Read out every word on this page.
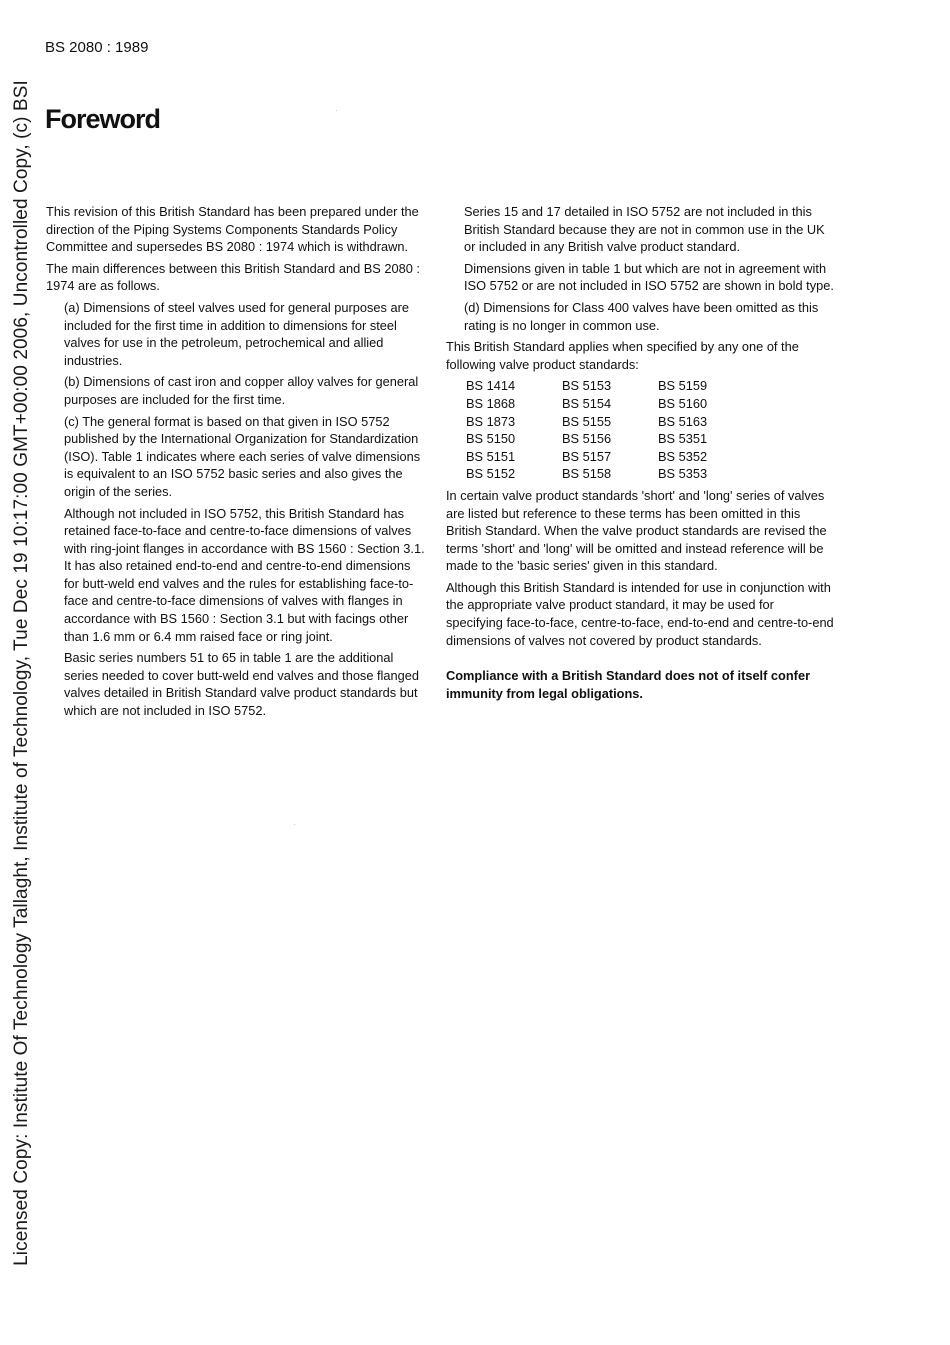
Licensed Copy: Institute Of Technology Tallaght, Institute of Technology, Tue Dec 19 10:17:00 GMT+00:00 2006, Uncontrolled Copy, (c) BSI
BS 2080 : 1989
Foreword

This revision of this British Standard has been prepared under the direction of the Piping Systems Components Standards Policy Committee and supersedes BS 2080 : 1974 which is withdrawn.

The main differences between this British Standard and BS 2080 : 1974 are as follows.

(a) Dimensions of steel valves used for general purposes are included for the first time in addition to dimensions for steel valves for use in the petroleum, petrochemical and allied industries.

(b) Dimensions of cast iron and copper alloy valves for general purposes are included for the first time.

(c) The general format is based on that given in ISO 5752 published by the International Organization for Standardization (ISO). Table 1 indicates where each series of valve dimensions is equivalent to an ISO 5752 basic series and also gives the origin of the series.

Although not included in ISO 5752, this British Standard has retained face-to-face and centre-to-face dimensions of valves with ring-joint flanges in accordance with BS 1560 : Section 3.1. It has also retained end-to-end and centre-to-end dimensions for butt-weld end valves and the rules for establishing face-to-face and centre-to-face dimensions of valves with flanges in accordance with BS 1560 : Section 3.1 but with facings other than 1.6 mm or 6.4 mm raised face or ring joint.

Basic series numbers 51 to 65 in table 1 are the additional series needed to cover butt-weld end valves and those flanged valves detailed in British Standard valve product standards but which are not included in ISO 5752.

Series 15 and 17 detailed in ISO 5752 are not included in this British Standard because they are not in common use in the UK or included in any British valve product standard.

Dimensions given in table 1 but which are not in agreement with ISO 5752 or are not included in ISO 5752 are shown in bold type.

(d) Dimensions for Class 400 valves have been omitted as this rating is no longer in common use.

This British Standard applies when specified by any one of the following valve product standards:

BS 1414	BS 5153	BS 5159
BS 1868	BS 5154	BS 5160
BS 1873	BS 5155	BS 5163
BS 5150	BS 5156	BS 5351
BS 5151	BS 5157	BS 5352
BS 5152	BS 5158	BS 5353

In certain valve product standards 'short' and 'long' series of valves are listed but reference to these terms has been omitted in this British Standard. When the valve product standards are revised the terms 'short' and 'long' will be omitted and instead reference will be made to the 'basic series' given in this standard.

Although this British Standard is intended for use in conjunction with the appropriate valve product standard, it may be used for specifying face-to-face, centre-to-face, end-to-end and centre-to-end dimensions of valves not covered by product standards.

Compliance with a British Standard does not of itself confer immunity from legal obligations.
